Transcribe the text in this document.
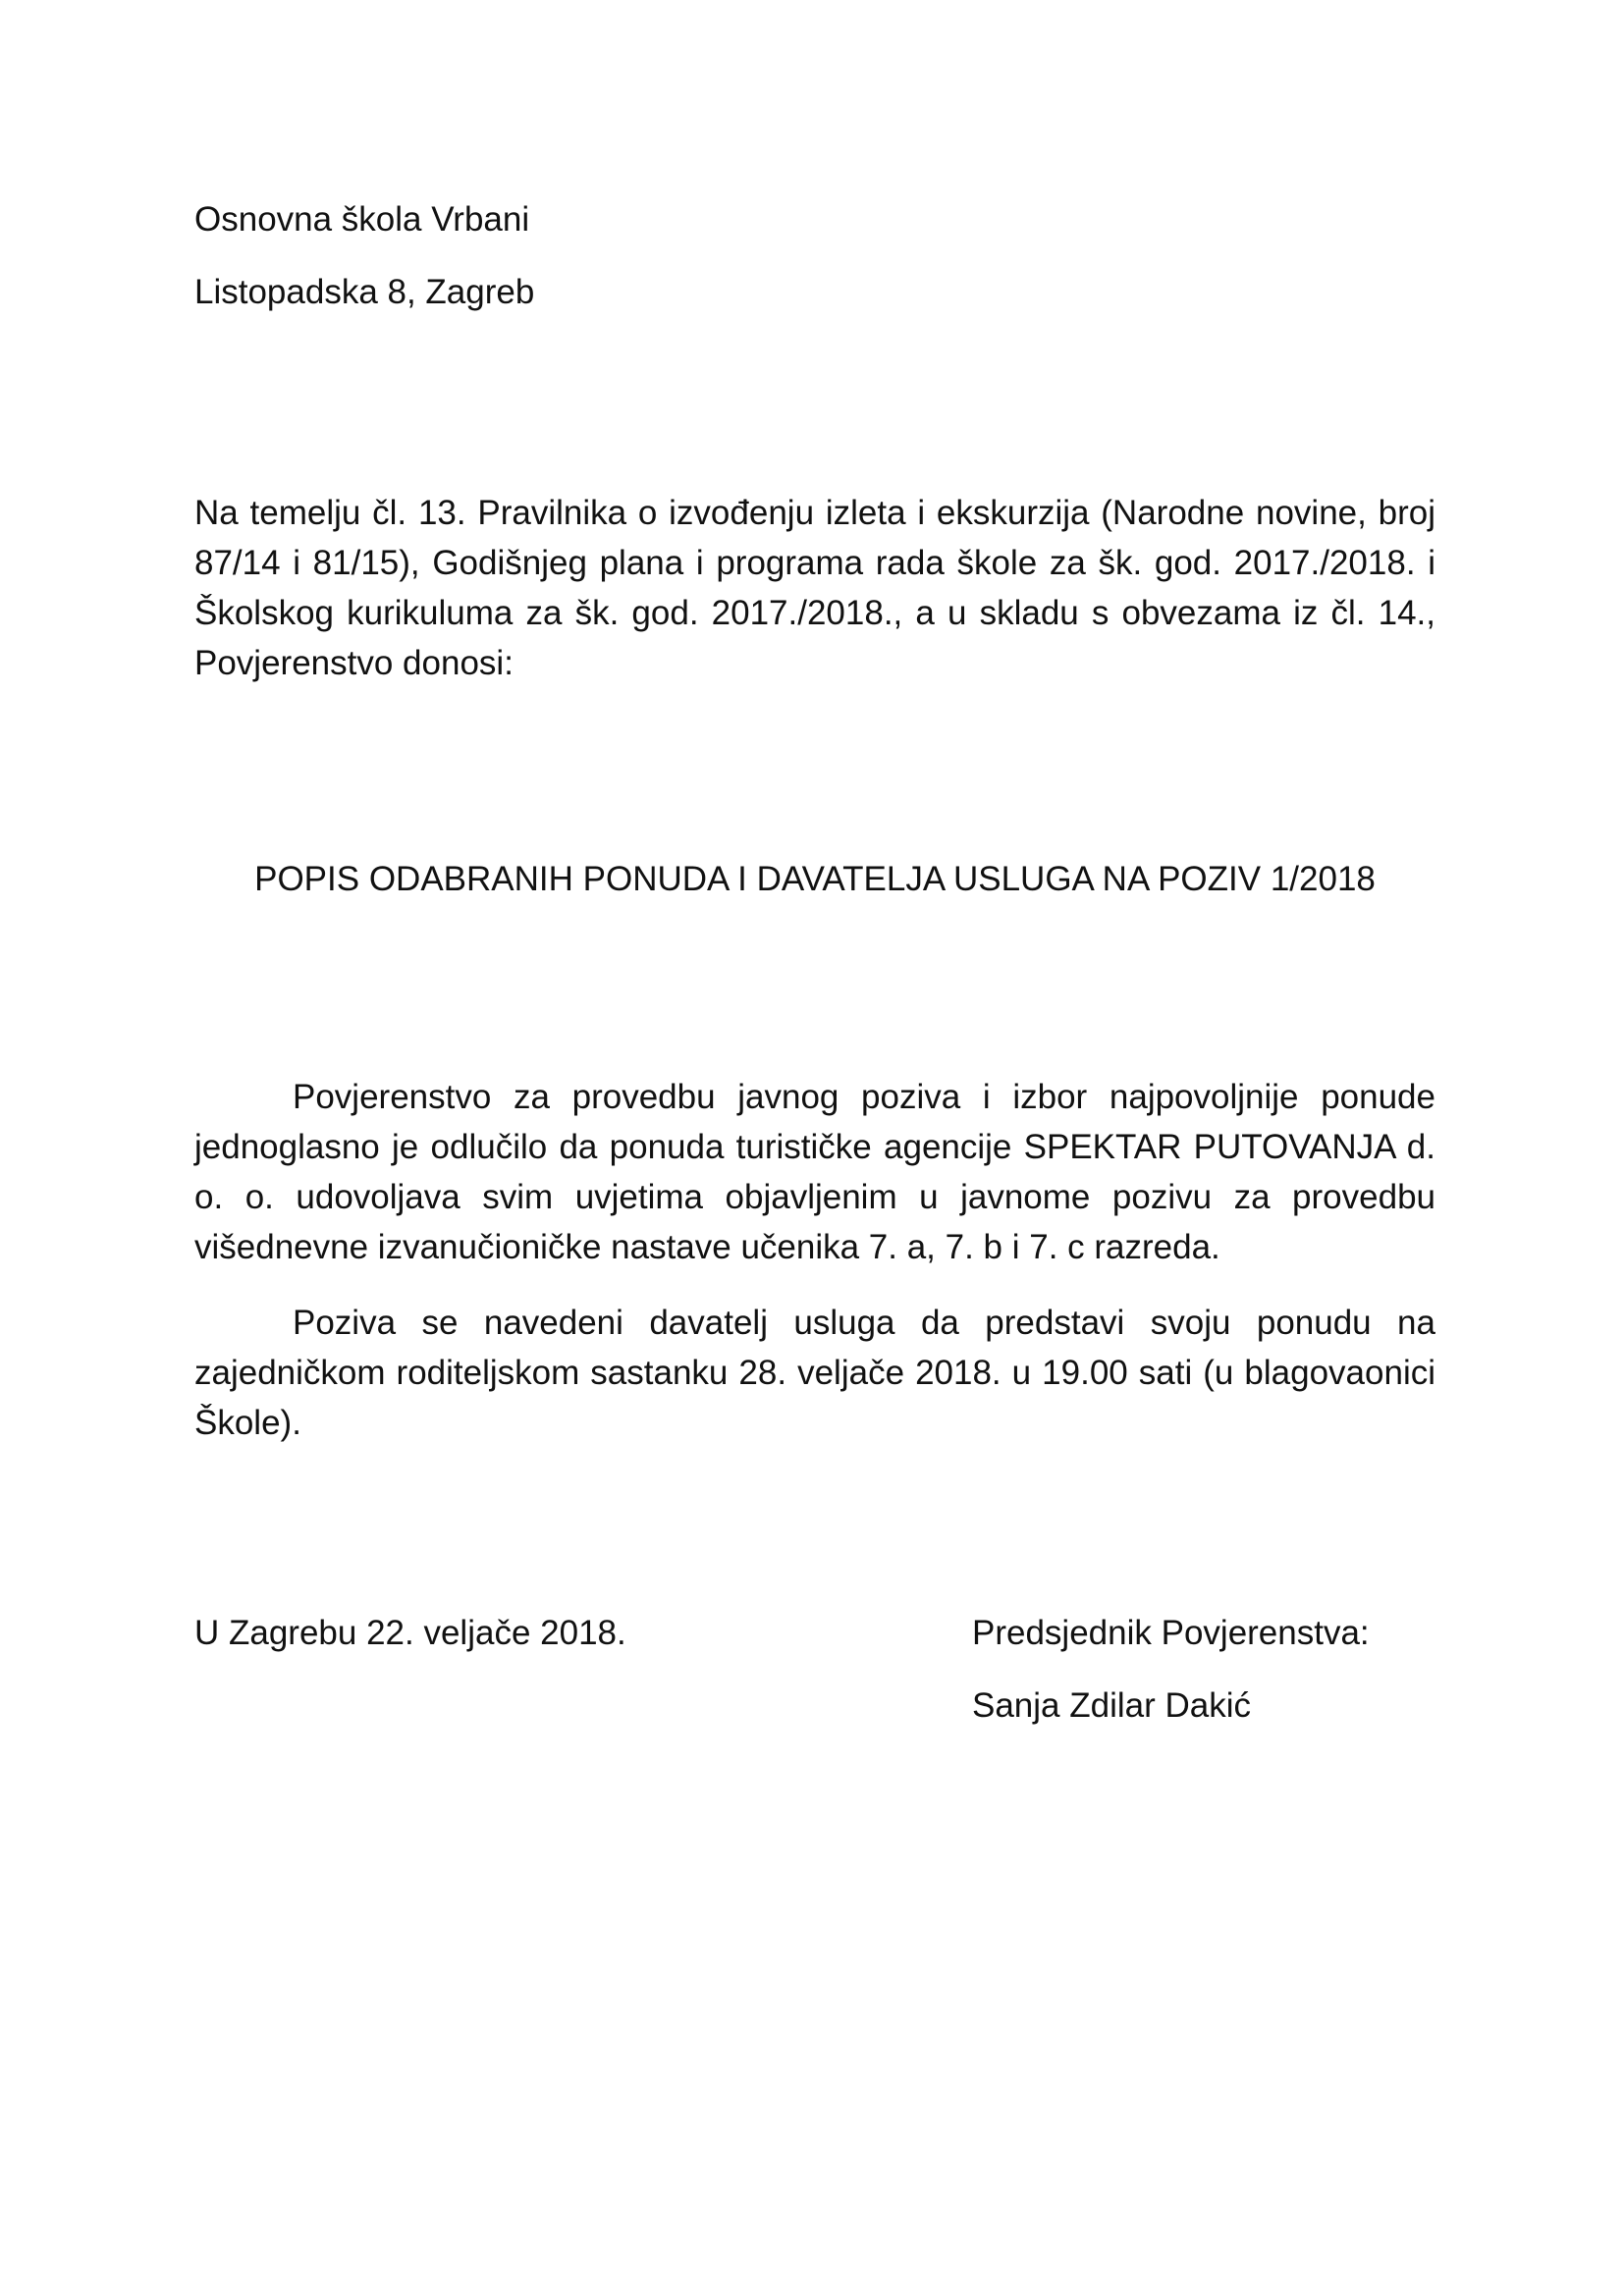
Osnovna škola Vrbani
Listopadska 8, Zagreb
Na temelju čl. 13. Pravilnika o izvođenju izleta i ekskurzija (Narodne novine, broj 87/14 i 81/15), Godišnjeg plana i programa rada škole za šk. god. 2017./2018. i Školskog kurikuluma za šk. god. 2017./2018., a u skladu s obvezama iz čl. 14., Povjerenstvo donosi:
POPIS ODABRANIH PONUDA I DAVATELJA USLUGA NA POZIV 1/2018
Povjerenstvo za provedbu javnog poziva i izbor najpovoljnije ponude jednoglasno je odlučilo da ponuda turističke agencije SPEKTAR PUTOVANJA d. o. o. udovoljava svim uvjetima objavljenim u javnome pozivu za provedbu višednevne izvanučioničke nastave učenika 7. a, 7. b i 7. c razreda.
Poziva se navedeni davatelj usluga da predstavi svoju ponudu na zajedničkom roditeljskom sastanku 28. veljače 2018. u 19.00 sati (u blagovaonici Škole).
U Zagrebu 22. veljače 2018.	Predsjednik Povjerenstva:
Sanja Zdilar Dakić
